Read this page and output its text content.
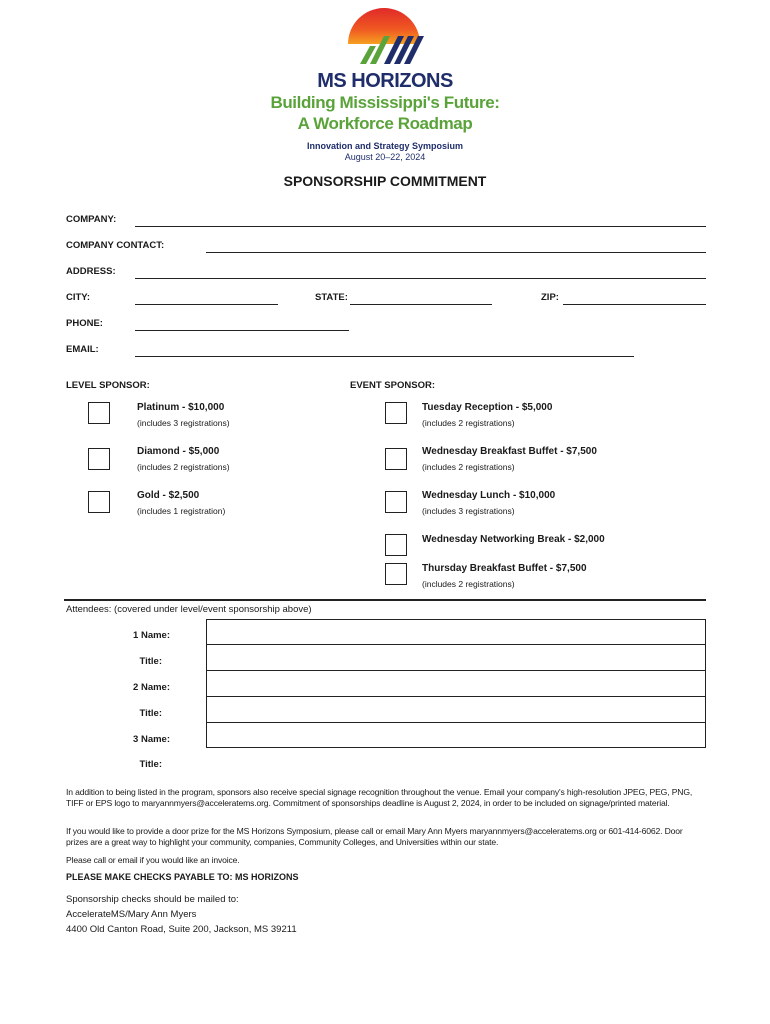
MS HORIZONS
Building Mississippi's Future:
A Workforce Roadmap
Innovation and Strategy Symposium
August 20–22, 2024
SPONSORSHIP COMMITMENT
COMPANY:
COMPANY CONTACT:
ADDRESS:
CITY:	STATE:	ZIP:
PHONE:
EMAIL:
LEVEL SPONSOR:	EVENT SPONSOR:
Platinum - $10,000
(includes 3 registrations)
Diamond - $5,000
(includes 2 registrations)
Gold - $2,500
(includes 1 registration)
Tuesday Reception - $5,000
(includes 2 registrations)
Wednesday Breakfast Buffet - $7,500
(includes 2 registrations)
Wednesday Lunch - $10,000
(includes 3 registrations)
Wednesday Networking Break - $2,000
Thursday Breakfast Buffet - $7,500
(includes 2 registrations)
Attendees: (covered under level/event sponsorship above)
1 Name:
Title:
2 Name:
Title:
3 Name:
Title:
In addition to being listed in the program, sponsors also receive special signage recognition throughout the venue. Email your company's high-resolution JPEG, PEG, PNG, TIFF or EPS logo to maryannmyers@acceleratems.org. Commitment of sponsorships deadline is August 2, 2024, in order to be included on signage/printed material.
If you would like to provide a door prize for the MS Horizons Symposium, please call or email Mary Ann Myers maryannmyers@acceleratems.org or 601-414-6062. Door prizes are a great way to highlight your community, companies, Community Colleges, and Universities within our state.
Please call or email if you would like an invoice.
PLEASE MAKE CHECKS PAYABLE TO: MS HORIZONS
Sponsorship checks should be mailed to:
AccelerateMS/Mary Ann Myers
4400 Old Canton Road, Suite 200, Jackson, MS 39211
